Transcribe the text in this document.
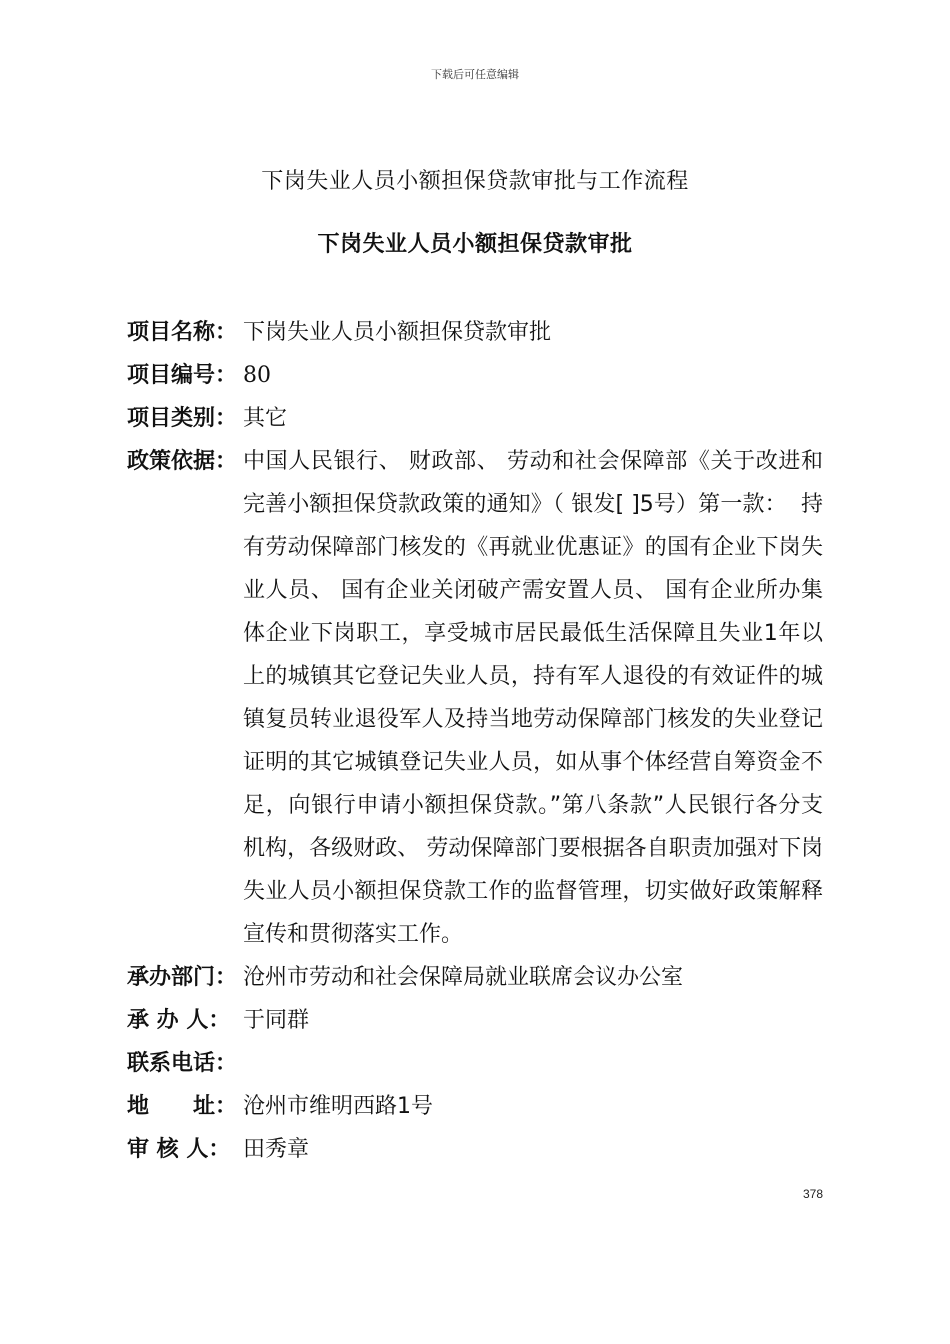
下载后可任意编辑
下岗失业人员小额担保贷款审批与工作流程
下岗失业人员小额担保贷款审批
项目名称： 下岗失业人员小额担保贷款审批
项目编号： 80
项目类别： 其它
政策依据： 中国人民银行、 财政部、 劳动和社会保障部《关于改进和完善小额担保贷款政策的通知》（ 银发[ ]5号）第一款：  持有劳动保障部门核发的《再就业优惠证》的国有企业下岗失业人员、 国有企业关闭破产需安置人员、 国有企业所办集体企业下岗职工，享受城市居民最低生活保障且失业1年以上的城镇其它登记失业人员，持有军人退役的有效证件的城镇复员转业退役军人及持当地劳动保障部门核发的失业登记证明的其它城镇登记失业人员，如从事个体经营自筹资金不足，向银行申请小额担保贷款。”第八条款”人民银行各分支机构，各级财政、 劳动保障部门要根据各自职责加强对下岗失业人员小额担保贷款工作的监督管理，切实做好政策解释宣传和贯彻落实工作。
承办部门： 沧州市劳动和社会保障局就业联席会议办公室
承 办 人： 于同群
联系电话：
地　　址： 沧州市维明西路1号
审 核 人： 田秀章
378
